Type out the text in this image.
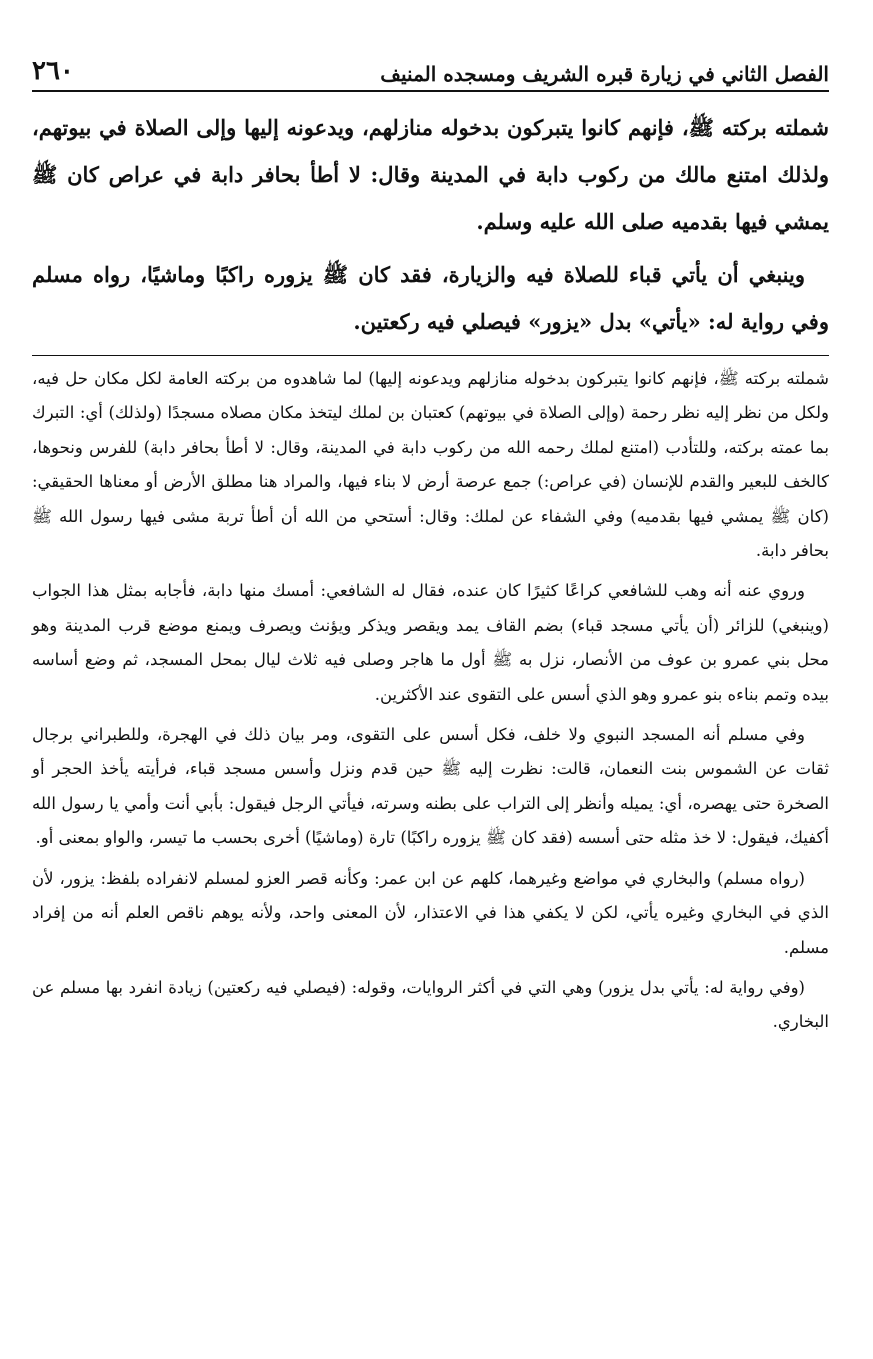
الفصل الثاني في زيارة قبره الشريف ومسجده المنيف
٢٦٠

شملته بركته ﷺ، فإنهم كانوا يتبركون بدخوله منازلهم، ويدعونه إليها وإلى الصلاة في بيوتهم، ولذلك امتنع مالك من ركوب دابة في المدينة وقال: لا أطأ بحافر دابة في عراص كان ﷺ يمشي فيها بقدميه صلى الله عليه وسلم.

وينبغي أن يأتي قباء للصلاة فيه والزيارة، فقد كان ﷺ يزوره راكبًا وماشيًا، رواه مسلم وفي رواية له: «يأتي» بدل «يزور» فيصلي فيه ركعتين.

شملته بركته ﷺ، فإنهم كانوا يتبركون بدخوله منازلهم ويدعونه إليها) لما شاهدوه من بركته العامة لكل مكان حل فيه، ولكل من نظر إليه نظر رحمة (وإلى الصلاة في بيوتهم) كعتبان بن لملك ليتخذ مكان مصلاه مسجدًا (ولذلك) أي: التبرك بما عمته بركته، وللتأدب (امتنع لملك رحمه الله من ركوب دابة في المدينة، وقال: لا أطأ بحافر دابة) للفرس ونحوها، كالخف للبعير والقدم للإنسان (في عراص:) جمع عرصة أرض لا بناء فيها، والمراد هنا مطلق الأرض أو معناها الحقيقي: (كان ﷺ يمشي فيها بقدميه) وفي الشفاء عن لملك: وقال: أستحي من الله أن أطأ تربة مشى فيها رسول الله ﷺ بحافر دابة.

وروي عنه أنه وهب للشافعي كراعًا كثيرًا كان عنده، فقال له الشافعي: أمسك منها دابة، فأجابه بمثل هذا الجواب (وينبغي) للزائر (أن يأتي مسجد قباء) بضم القاف يمد ويقصر ويذكر ويؤنث ويصرف ويمنع موضع قرب المدينة وهو محل بني عمرو بن عوف من الأنصار، نزل به ﷺ أول ما هاجر وصلى فيه ثلاث ليال بمحل المسجد، ثم وضع أساسه بيده وتمم بناءه بنو عمرو وهو الذي أسس على التقوى عند الأكثرين.

وفي مسلم أنه المسجد النبوي ولا خلف، فكل أسس على التقوى، ومر بيان ذلك في الهجرة، وللطبراني برجال ثقات عن الشموس بنت النعمان، قالت: نظرت إليه ﷺ حين قدم ونزل وأسس مسجد قباء، فرأيته يأخذ الحجر أو الصخرة حتى يهصره، أي: يميله وأنظر إلى التراب على بطنه وسرته، فيأتي الرجل فيقول: بأبي أنت وأمي يا رسول الله أكفيك، فيقول: لا خذ مثله حتى أسسه (فقد كان ﷺ يزوره راكبًا) تارة (وماشيًا) أخرى بحسب ما تيسر، والواو بمعنى أو.

(رواه مسلم) والبخاري في مواضع وغيرهما، كلهم عن ابن عمر: وكأنه قصر العزو لمسلم لانفراده بلفظ: يزور، لأن الذي في البخاري وغيره يأتي، لكن لا يكفي هذا في الاعتذار، لأن المعنى واحد، ولأنه يوهم ناقص العلم أنه من إفراد مسلم.

(وفي رواية له: يأتي بدل يزور) وهي التي في أكثر الروايات، وقوله: (فيصلي فيه ركعتين) زيادة انفرد بها مسلم عن البخاري.
